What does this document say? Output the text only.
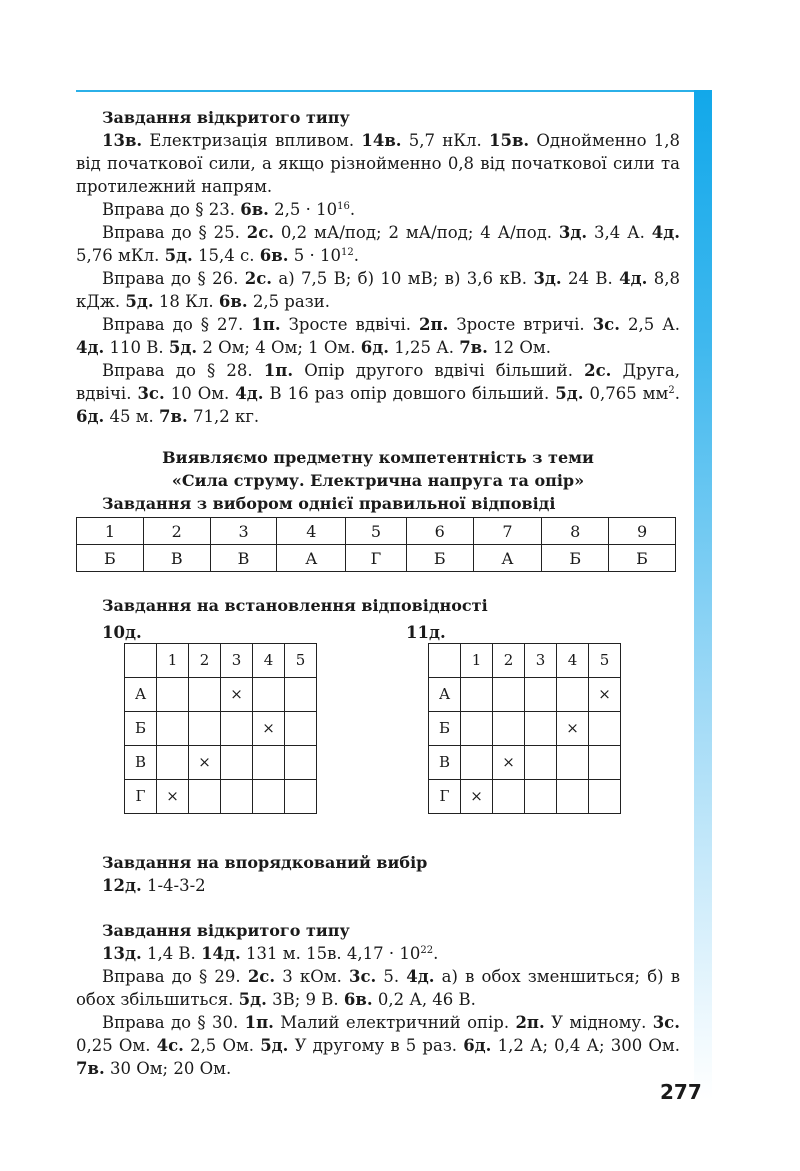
Завдання відкритого типу

13в. Електризація впливом. 14в. 5,7 нКл. 15в. Однойменно 1,8 від початкової сили, а якщо різнойменно 0,8 від початкової сили та протилежний напрям.

Вправа до § 23. 6в. $2,5 \cdot 10^{16}$.

Вправа до § 25. 2с. 0,2 мА/под; 2 мА/под; 4 А/под. 3д. 3,4 А. 4д. 5,76 мКл. 5д. 15,4 с. 6в. $5 \cdot 10^{12}$.

Вправа до § 26. 2с. а) 7,5 В; б) 10 мВ; в) 3,6 кВ. 3д. 24 В. 4д. 8,8 кДж. 5д. 18 Кл. 6в. 2,5 рази.

Вправа до § 27. 1п. Зросте вдвічі. 2п. Зросте втричі. 3с. 2,5 А. 4д. 110 В. 5д. 2 Ом; 4 Ом; 1 Ом. 6д. 1,25 А. 7в. 12 Ом.

Вправа до § 28. 1п. Опір другого вдвічі більший. 2с. Друга, вдвічі. 3с. 10 Ом. 4д. В 16 раз опір довшого більший. 5д. 0,765 $мм^2$. 6д. 45 м. 7в. 71,2 кг.

Виявляємо предметну компетентність з теми

«Сила струму. Електрична напруга та опір»

Завдання з вибором однієї правильної відповіді

1	2	3	4	5	6	7	8	9
Б	В	В	А	Г	Б	А	Б	Б

Завдання на встановлення відповідності

10д.
	1	2	3	4	5
А			×		
Б				×	
В		×			
Г	×				
11д.
	1	2	3	4	5
А					×
Б				×	
В		×			
Г	×				

Завдання на впорядкований вибір

12д. 1-4-3-2

Завдання відкритого типу

13д. 1,4 В. 14д. 131 м. 15в. $4,17 \cdot 10^{22}$.

Вправа до § 29. 2с. 3 кОм. 3с. 5. 4д. а) в обох зменшиться; б) в обох збільшиться. 5д. 3В; 9 В. 6в. 0,2 А, 46 В.

Вправа до § 30. 1п. Малий електричний опір. 2п. У мідному. 3с. 0,25 Ом. 4с. 2,5 Ом. 5д. У другому в 5 раз. 6д. 1,2 А; 0,4 А; 300 Ом. 7в. 30 Ом; 20 Ом.

277
